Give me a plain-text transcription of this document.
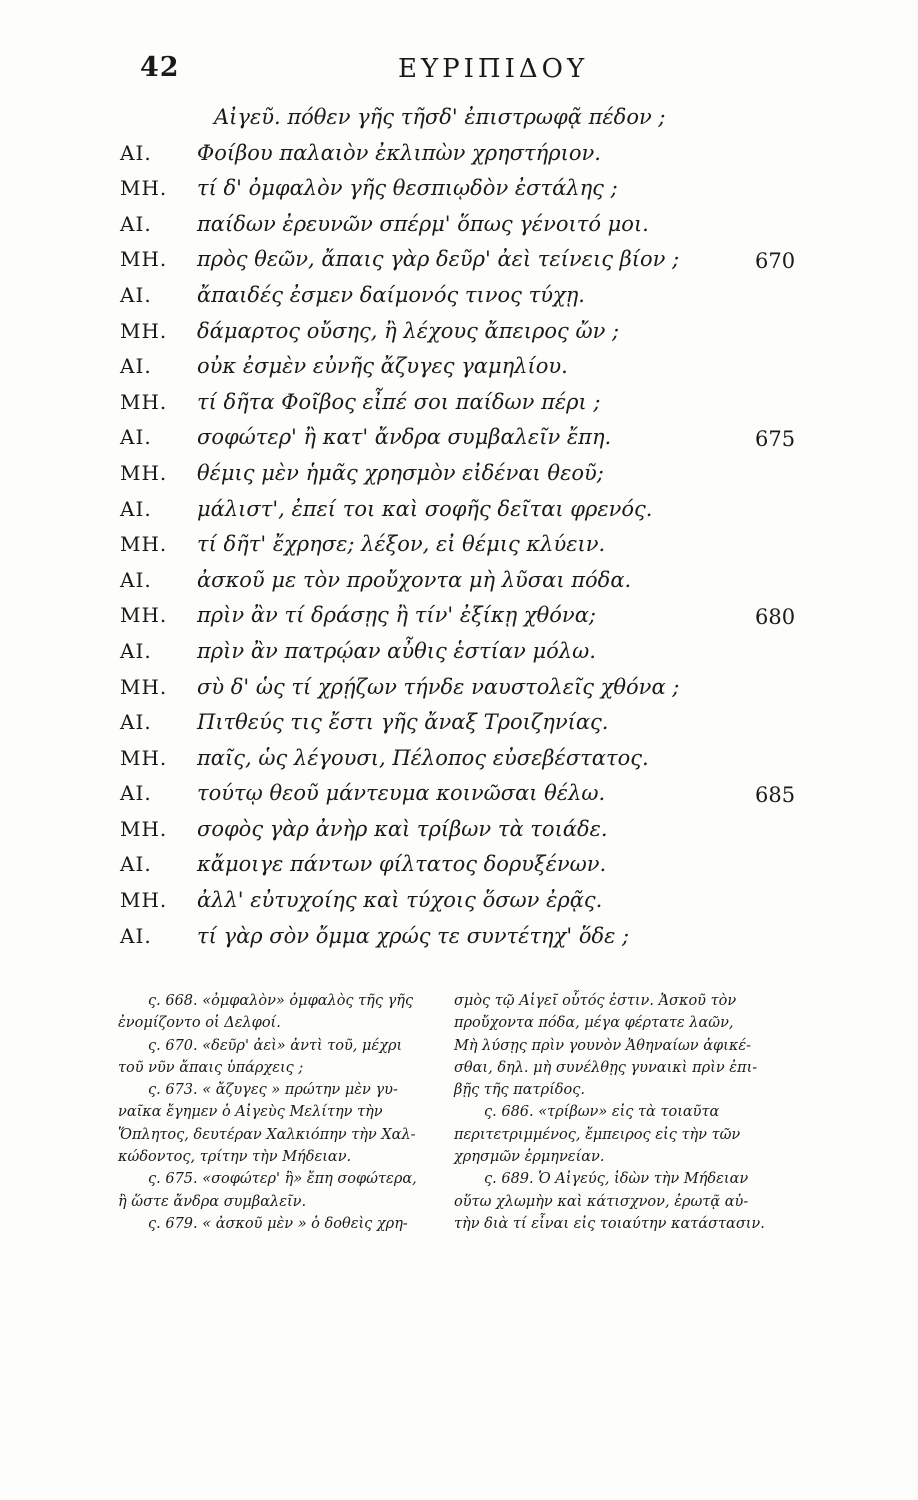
42	ΕΥΡΙΠΙΔΟΥ
Αἰγεῦ. πόθεν γῆς τῆσδ' ἐπιστρωφᾷ πέδον ;
ΑΙ. Φοίβου παλαιὸν ἐκλιπὼν χρηστήριον.
ΜΗ. τί δ' ὀμφαλὸν γῆς θεσπιῳδὸν ἐστάλης ;
ΑΙ. παίδων ἐρευνῶν σπέρμ' ὅπως γένοιτό μοι.
ΜΗ. πρὸς θεῶν, ἄπαις γὰρ δεῦρ' ἀεὶ τείνεις βίον ;	670
ΑΙ. ἄπαιδές ἐσμεν δαίμονός τινος τύχῃ.
ΜΗ. δάμαρτος οὔσης, ἢ λέχους ἄπειρος ὤν ;
ΑΙ. οὐκ ἐσμὲν εὐνῆς ἄζυγες γαμηλίου.
ΜΗ. τί δῆτα Φοῖβος εἶπέ σοι παίδων πέρι ;
ΑΙ. σοφώτερ' ἢ κατ' ἄνδρα συμβαλεῖν ἔπη.	675
ΜΗ. θέμις μὲν ἡμᾶς χρησμὸν εἰδέναι θεοῦ;
ΑΙ. μάλιστ', ἐπεί τοι καὶ σοφῆς δεῖται φρενός.
ΜΗ. τί δῆτ' ἔχρησε; λέξον, εἰ θέμις κλύειν.
ΑΙ. ἀσκοῦ με τὸν προὔχοντα μὴ λῦσαι πόδα.
ΜΗ. πρὶν ἂν τί δράσῃς ἢ τίν' ἐξίκῃ χθόνα;	680
ΑΙ. πρὶν ἂν πατρῴαν αὖθις ἑστίαν μόλω.
ΜΗ. σὺ δ' ὡς τί χρῄζων τήνδε ναυστολεῖς χθόνα ;
ΑΙ. Πιτθεύς τις ἔστι γῆς ἄναξ Τροιζηνίας.
ΜΗ. παῖς, ὡς λέγουσι, Πέλοπος εὐσεβέστατος.
ΑΙ. τούτῳ θεοῦ μάντευμα κοινῶσαι θέλω.	685
ΜΗ. σοφὸς γὰρ ἀνὴρ καὶ τρίβων τὰ τοιάδε.
ΑΙ. κἄμοιγε πάντων φίλτατος δορυξένων.
ΜΗ. ἀλλ' εὐτυχοίης καὶ τύχοις ὅσων ἐρᾷς.
ΑΙ. τί γὰρ σὸν ὄμμα χρώς τε συντέτηχ' ὅδε ;
ς. 668. «ὀμφαλὸν» ὀμφαλὸς τῆς γῆς
ἐνομίζοντο οἱ Δελφοί.
ς. 670. «δεῦρ' ἀεὶ» ἀντὶ τοῦ, μέχρι
τοῦ νῦν ἄπαις ὑπάρχεις ;
ς. 673. « ἄζυγες » πρώτην μὲν γυ-
ναῖκα ἔγημεν ὁ Αἰγεὺς Μελίτην τὴν
Ὅπλητος, δευτέραν Χαλκιόπην τὴν Χαλ-
κώδοντος, τρίτην τὴν Μήδειαν.
ς. 675. «σοφώτερ' ἢ» ἔπη σοφώτερα,
ἢ ὥστε ἄνδρα συμβαλεῖν.
ς. 679. « ἀσκοῦ μὲν » ὁ δοθεὶς χρη-
σμὸς τῷ Αἰγεῖ οὗτός ἐστιν. Ἀσκοῦ τὸν
προὔχοντα πόδα, μέγα φέρτατε λαῶν,
Μὴ λύσῃς πρὶν γουνὸν Ἀθηναίων ἀφικέ-
σθαι, δηλ. μὴ συνέλθῃς γυναικὶ πρὶν ἐπι-
βῇς τῆς πατρίδος.
ς. 686. «τρίβων» εἰς τὰ τοιαῦτα
περιτετριμμένος, ἔμπειρος εἰς τὴν τῶν
χρησμῶν ἑρμηνείαν.
ς. 689. Ὁ Αἰγεύς, ἰδὼν τὴν Μήδειαν
οὕτω χλωμὴν καὶ κάτισχνον, ἐρωτᾷ αὐ-
τὴν διὰ τί εἶναι εἰς τοιαύτην κατάστασιν.
